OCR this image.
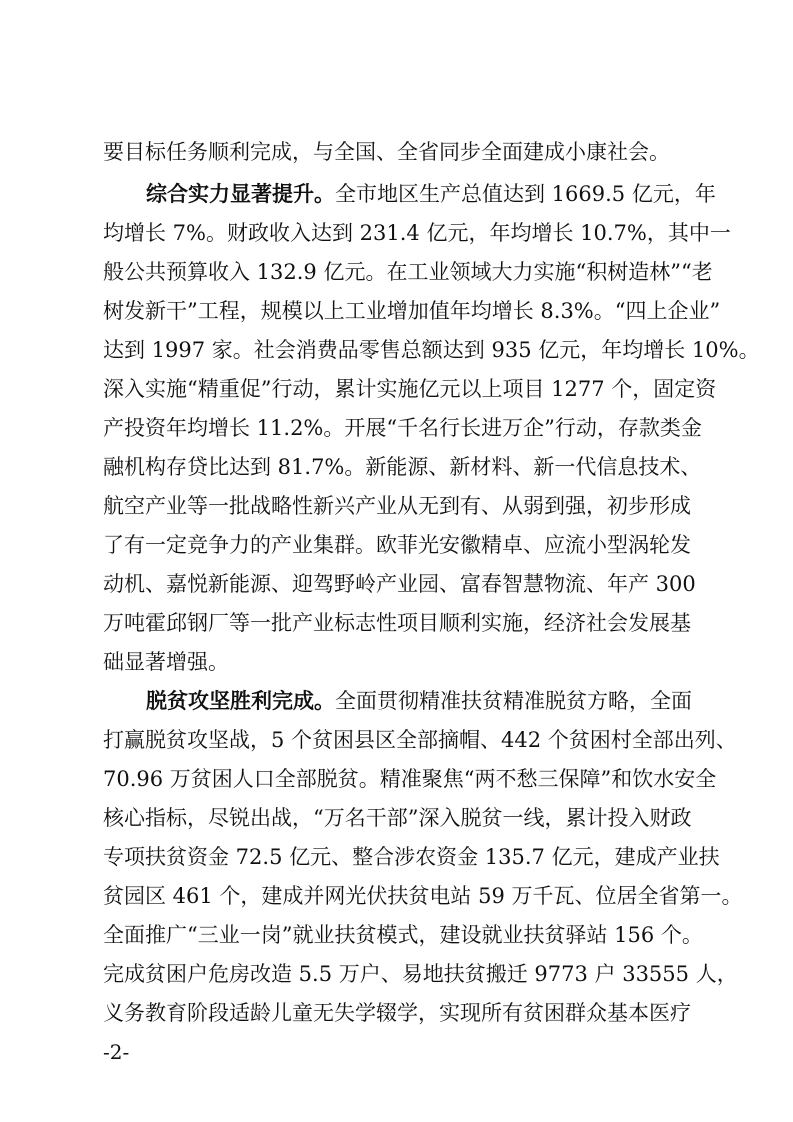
要目标任务顺利完成，与全国、全省同步全面建成小康社会。
综合实力显著提升。全市地区生产总值达到 1669.5 亿元，年
均增长 7%。财政收入达到 231.4 亿元，年均增长 10.7%，其中一
般公共预算收入 132.9 亿元。在工业领域大力实施“积树造林”“老
树发新干”工程，规模以上工业增加值年均增长 8.3%。“四上企业”
达到 1997 家。社会消费品零售总额达到 935 亿元，年均增长 10%。
深入实施“精重促”行动，累计实施亿元以上项目 1277 个，固定资
产投资年均增长 11.2%。开展“千名行长进万企”行动，存款类金
融机构存贷比达到 81.7%。新能源、新材料、新一代信息技术、
航空产业等一批战略性新兴产业从无到有、从弱到强，初步形成
了有一定竞争力的产业集群。欧菲光安徽精卓、应流小型涡轮发
动机、嘉悦新能源、迎驾野岭产业园、富春智慧物流、年产 300
万吨霍邱钢厂等一批产业标志性项目顺利实施，经济社会发展基
础显著增强。
脱贫攻坚胜利完成。全面贯彻精准扶贫精准脱贫方略，全面
打赢脱贫攻坚战，5 个贫困县区全部摘帽、442 个贫困村全部出列、
70.96 万贫困人口全部脱贫。精准聚焦“两不愁三保障”和饮水安全
核心指标，尽锐出战，“万名干部”深入脱贫一线，累计投入财政
专项扶贫资金 72.5 亿元、整合涉农资金 135.7 亿元，建成产业扶
贫园区 461 个，建成并网光伏扶贫电站 59 万千瓦、位居全省第一。
全面推广“三业一岗”就业扶贫模式，建设就业扶贫驿站 156 个。
完成贫困户危房改造 5.5 万户、易地扶贫搬迁 9773 户 33555 人，
义务教育阶段适龄儿童无失学辍学，实现所有贫困群众基本医疗
-2-
